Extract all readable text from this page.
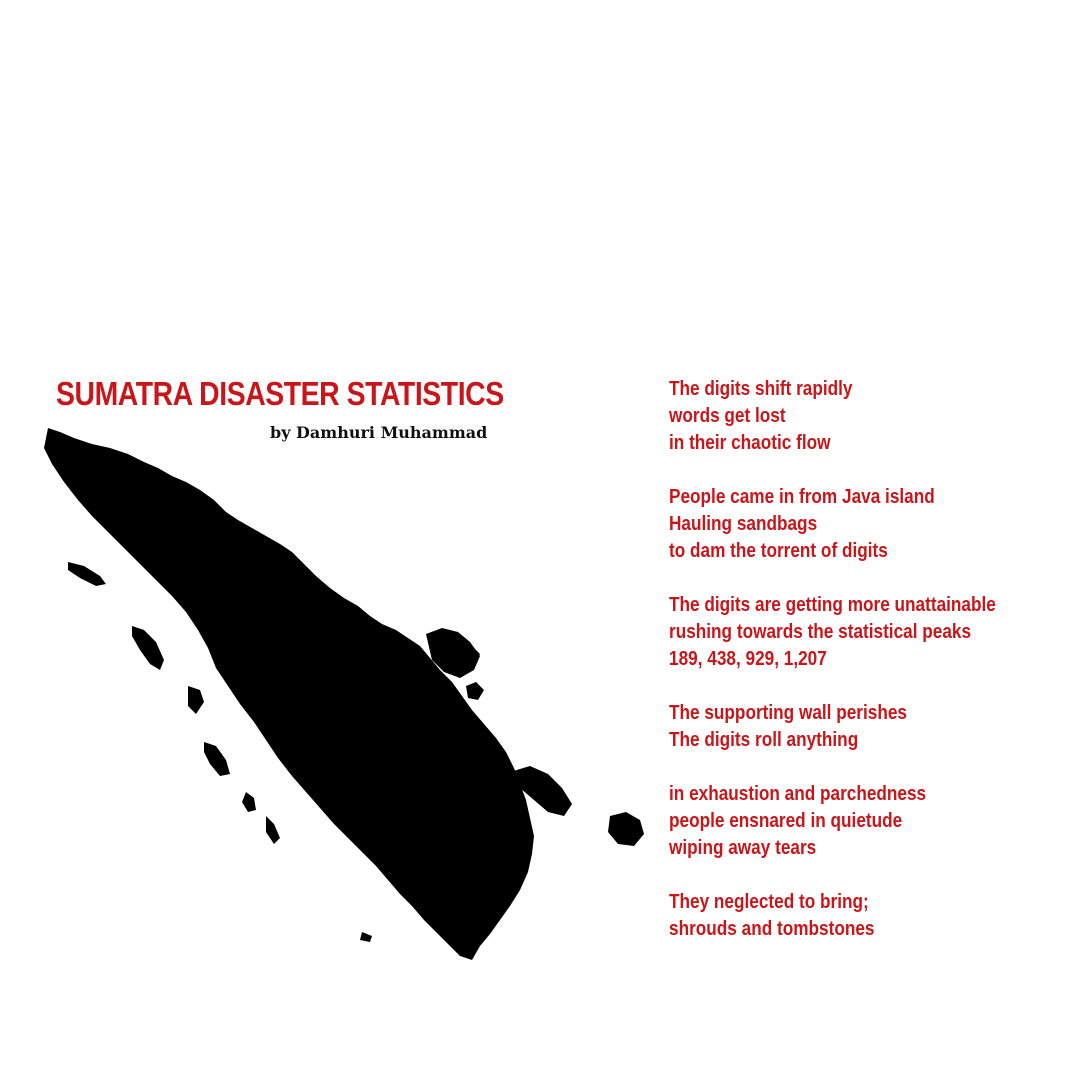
SUMATRA DISASTER STATISTICS

by Damhuri Muhammad

The digits shift rapidly
words get lost
in their chaotic flow

People came in from Java island
Hauling sandbags
to dam the torrent of digits

The digits are getting more unattainable
rushing towards the statistical peaks
189, 438, 929, 1,207

The supporting wall perishes
The digits roll anything

in exhaustion and parchedness
people ensnared in quietude
wiping away tears

They neglected to bring;
shrouds and tombstones
